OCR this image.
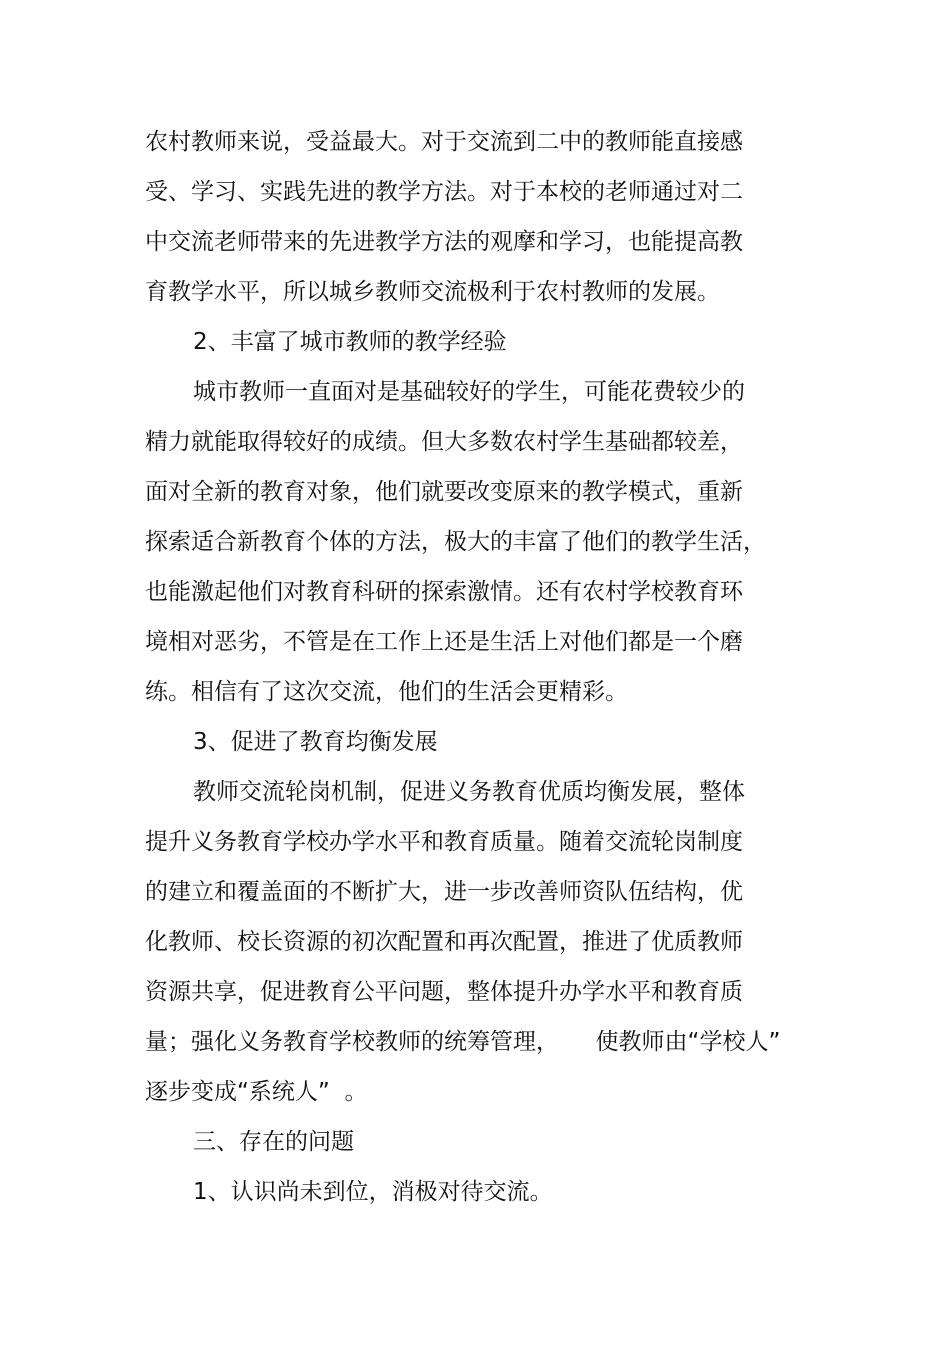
农村教师来说，受益最大。对于交流到二中的教师能直接感

受、学习、实践先进的教学方法。对于本校的老师通过对二

中交流老师带来的先进教学方法的观摩和学习，也能提高教

育教学水平，所以城乡教师交流极利于农村教师的发展。

2、丰富了城市教师的教学经验

城市教师一直面对是基础较好的学生，可能花费较少的

精力就能取得较好的成绩。但大多数农村学生基础都较差，

面对全新的教育对象，他们就要改变原来的教学模式，重新

探索适合新教育个体的方法，极大的丰富了他们的教学生活，

也能激起他们对教育科研的探索激情。还有农村学校教育环

境相对恶劣，不管是在工作上还是生活上对他们都是一个磨

练。相信有了这次交流，他们的生活会更精彩。

3、促进了教育均衡发展

教师交流轮岗机制，促进义务教育优质均衡发展，整体

提升义务教育学校办学水平和教育质量。随着交流轮岗制度

的建立和覆盖面的不断扩大，进一步改善师资队伍结构，优

化教师、校长资源的初次配置和再次配置，推进了优质教师

资源共享，促进教育公平问题，整体提升办学水平和教育质

量；强化义务教育学校教师的统筹管理，     使教师由“学校人”

逐步变成“系统人”  。

三、存在的问题

1、认识尚未到位，消极对待交流。
